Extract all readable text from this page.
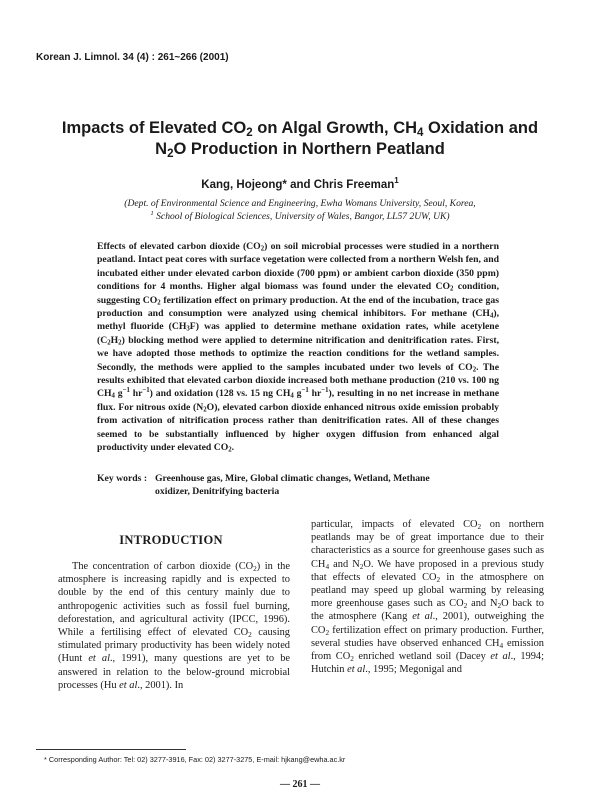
Korean J. Limnol. 34 (4) : 261~266 (2001)
Impacts of Elevated $CO_2$ on Algal Growth, $CH_4$ Oxidation and
$N_2O$ Production in Northern Peatland
Kang, Hojeong* and Chris Freeman$^1$
(Dept. of Environmental Science and Engineering, Ewha Womans University, Seoul, Korea,
$^1$ School of Biological Sciences, University of Wales, Bangor, LL57 2UW, UK)
Effects of elevated carbon dioxide $(CO_2)$ on soil microbial processes were studied in a northern peatland. Intact peat cores with surface vegetation were collected from a northern Welsh fen, and incubated either under elevated carbon dioxide (700 ppm) or ambient carbon dioxide (350 ppm) conditions for 4 months. Higher algal biomass was found under the elevated $CO_2$ condition, suggesting $CO_2$ fertilization effect on primary production. At the end of the incubation, trace gas production and consumption were analyzed using chemical inhibitors. For methane $(CH_4)$, methyl fluoride $(CH_3F)$ was applied to determine methane oxidation rates, while acetylene $(C_2H_2)$ blocking method were applied to determine nitrification and denitrification rates. First, we have adopted those methods to optimize the reaction conditions for the wetland samples. Secondly, the methods were applied to the samples incubated under two levels of $CO_2$. The results exhibited that elevated carbon dioxide increased both methane production (210 vs. 100 ng $CH_4$ $g^{-1}$ $hr^{-1}$) and oxidation (128 vs. 15 ng $CH_4$ $g^{-1}$ $hr^{-1}$), resulting in no net increase in methane flux. For nitrous oxide $(N_2O)$, elevated carbon dioxide enhanced nitrous oxide emission probably from activation of nitrification process rather than denitrification rates. All of these changes seemed to be substantially influenced by higher oxygen diffusion from enhanced algal productivity under elevated $CO_2$.
Key words : Greenhouse gas, Mire, Global climatic changes, Wetland, Methane
oxidizer, Denitrifying bacteria
INTRODUCTION
The concentration of carbon dioxide $(CO_2)$ in the atmosphere is increasing rapidly and is expected to double by the end of this century mainly due to anthropogenic activities such as fossil fuel burning, deforestation, and agricultural activity (IPCC, 1996). While a fertilising effect of elevated $CO_2$ causing stimulated primary productivity has been widely noted (Hunt et al., 1991), many questions are yet to be answered in relation to the below-ground microbial processes (Hu et al., 2001). In
particular, impacts of elevated $CO_2$ on northern peatlands may be of great importance due to their characteristics as a source for greenhouse gases such as $CH_4$ and $N_2O$. We have proposed in a previous study that effects of elevated $CO_2$ in the atmosphere on peatland may speed up global warming by releasing more greenhouse gases such as $CO_2$ and $N_2O$ back to the atmosphere (Kang et al., 2001), outweighing the $CO_2$ fertilization effect on primary production. Further, several studies have observed enhanced $CH_4$ emission from $CO_2$ enriched wetland soil (Dacey et al., 1994; Hutchin et al., 1995; Megonigal and
* Corresponding Author: Tel: 02) 3277-3916, Fax: 02) 3277-3275, E-mail: hjkang@ewha.ac.kr
— 261 —
